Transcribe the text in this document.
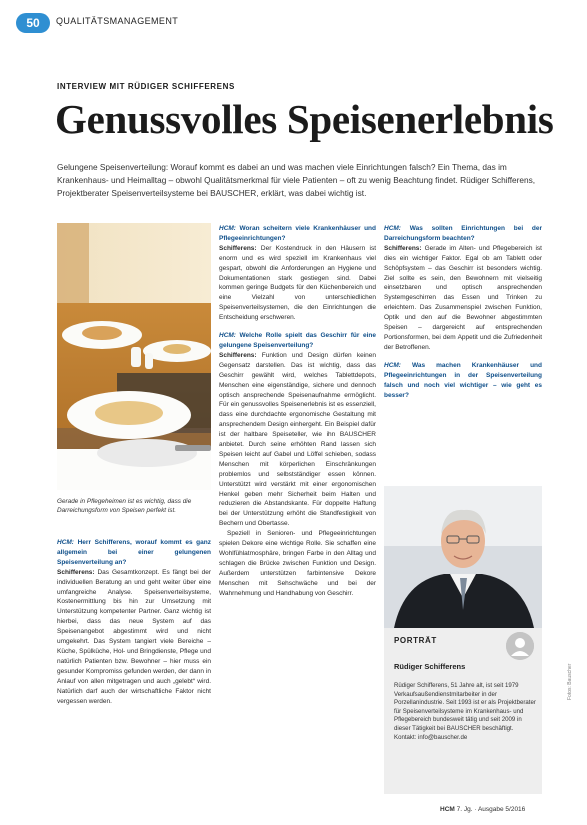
50	QUALITÄTSMANAGEMENT
INTERVIEW MIT RÜDIGER SCHIFFERENS
Genussvolles Speisenerlebnis

Gelungene Speisenverteilung: Worauf kommt es dabei an und was machen viele Einrichtungen falsch? Ein Thema, das im Krankenhaus- und Heimalltag – obwohl Qualitätsmerkmal für viele Patienten – oft zu wenig Beachtung findet. Rüdiger Schifferens, Projektberater Speisenverteilsysteme bei BAUSCHER, erklärt, was dabei wichtig ist.

Gerade in Pflegeheimen ist es wichtig, dass die Darreichungsform von Speisen perfekt ist.

HCM: Herr Schifferens, worauf kommt es ganz allgemein bei einer gelungenen Speisenverteilung an?
Schifferens: Das Gesamtkonzept. Es fängt bei der individuellen Beratung an und geht weiter über eine umfangreiche Analyse. Speisenverteilsysteme, Kostenermittlung bis hin zur Umsetzung mit Unterstützung kompetenter Partner. Ganz wichtig ist hierbei, dass das neue System auf das Speisenangebot abgestimmt wird und nicht umgekehrt. Das System tangiert viele Bereiche – Küche, Spülküche, Hol- und Bringdienste, Pflege und natürlich Patienten bzw. Bewohner – hier muss ein gesunder Kompromiss gefunden werden, der dann in Anlauf von allen mitgetragen und auch „gelebt“ wird. Natürlich darf auch der wirtschaftliche Faktor nicht vergessen werden.
HCM: Woran scheitern viele Krankenhäuser und Pflegeeinrichtungen?
Schifferens: Der Kostendruck in den Häusern ist enorm und es wird speziell im Krankenhaus viel gespart, obwohl die Anforderungen an Hygiene und Dokumentationen stark gestiegen sind. Dabei kommen geringe Budgets für den Küchenbereich und eine Vielzahl von unterschiedlichen Speisenverteilsystemen, die den Einrichtungen die Entscheidung erschweren.
HCM: Welche Rolle spielt das Geschirr für eine gelungene Speisenverteilung?
Schifferens: Funktion und Design dürfen keinen Gegensatz darstellen. Das ist wichtig, dass das Geschirr gewählt wird, welches Tablettdepots, Menschen eine eigenständige, sichere und dennoch optisch ansprechende Speisenaufnahme ermöglicht. Für ein genussvolles Speisenerlebnis ist es essenziell, dass eine durchdachte ergonomische Gestaltung mit ansprechendem Design einhergeht. Ein Beispiel dafür ist der haltbare Speiseteller, wie ihn BAUSCHER anbietet. Durch seine erhöhten Rand lassen sich Speisen leicht auf Gabel und Löffel schieben, sodass Menschen mit körperlichen Einschränkungen problemlos und selbstständiger essen können. Unterstützt wird verstärkt mit einer ergonomischen Henkel geben mehr Sicherheit beim Halten und reduzieren die Abstandskante. Für doppelte Haftung bei der Unterstützung erhöht die Standfestigkeit von Bechern und Obertasse.
Speziell in Senioren- und Pflegeeinrichtungen spielen Dekore eine wichtige Rolle. Sie schaffen eine Wohlfühlatmosphäre, bringen Farbe in den Alltag und schlagen die Brücke zwischen Funktion und Design. Außerdem unterstützen farbintensive Dekore Menschen mit Sehschwäche und bei der Wahrnehmung und Handhabung von Geschirr.
HCM: Was sollten Einrichtungen bei der Darreichungsform beachten?
Schifferens: Gerade im Alten- und Pflegebereich ist dies ein wichtiger Faktor. Egal ob am Tablett oder Schöpfsystem – das Geschirr ist besonders wichtig. Ziel sollte es sein, den Bewohnern mit vielseitig einsetzbaren und optisch ansprechenden Systemgeschirren das Essen und Trinken zu erleichtern. Das Zusammenspiel zwischen Funktion, Optik und den auf die Bewohner abgestimmten Speisen – dargereicht auf entsprechenden Portionsformen, bei dem Appetit und die Zufriedenheit der Betroffenen.
HCM: Was machen Krankenhäuser und Pflegeeinrichtungen in der Speisenverteilung falsch und noch viel wichtiger – wie geht es besser?
PORTRÄT
Rüdiger Schifferens

Rüdiger Schifferens, 51 Jahre alt, ist seit 1979 Verkaufsaußendienstmitarbeiter in der Porzellanindustrie. Seit 1993 ist er als Projektberater für Speisenverteilsysteme im Krankenhaus- und Pflegebereich bundesweit tätig und seit 2009 in dieser Tätigkeit bei BAUSCHER beschäftigt. Kontakt: info@bauscher.de

Fotos: Bauscher
HCM 7. Jg. · Ausgabe 5/2016
